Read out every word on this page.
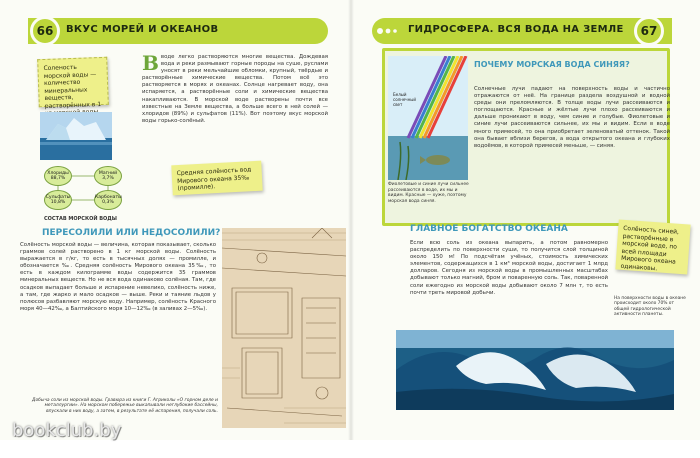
66	ВКУС МОРЕЙ И ОКЕАНОВ	ГИДРОСФЕРА. ВСЯ ВОДА НА ЗЕМЛЕ	67
Соленость морской воды — количество минеральных веществ, растворённых в 1 воды.
Вводе легко растворяются многие вещества. Дождевая вода и реки размывают горные породы на суше, руслами уносят в реки мельчайшие обломки, крупный, твёрдые и растворённые химические вещества. Потом всё это растворяется в морях и океанах. Солнце нагревает воду, она испаряется, а растворённые соли и химические вещества накапливаются. В морской воде растворены почти все известные на Земле вещества, а больше всего в ней солей — хлоридов (89%) и сульфатов (11%). Вот поэтому вкус морской воды горько-солёный.
Хлориды
88,7%
Магний
3,7%
Сульфаты
10,8%
Карбонаты
0,3%
СОСТАВ МОРСКОЙ ВОДЫ
Средняя солёность вод Мирового океана 35‰ (промилле).
ПЕРЕСОЛИЛИ ИЛИ НЕДОСОЛИЛИ?
Солёность морской воды — величина, которая показывает, сколько граммов солей растворено в 1 кг морской воды. Солёность выражается в г/кг, то есть в тысячных долях — промилле, и обозначается ‰. Средняя солёность Мирового океана 35‰, то есть в каждом килограмме воды содержится 35 граммов минеральных веществ. Но не вся вода одинаково солёная. Там, где осадков выпадает больше и испарение невелико, солёность ниже, а там, где жарко и мало осадков — выше. Реки и таяние льдов у полюсов разбавляют морскую воду. Например, солёность Красного моря 40—42‰, а Балтийского моря 10—12‰ (в заливах 2—5‰).
Добыча соли из морской воды. Гравюра из книги Г. Агриколы «О горном деле и металлургии». На морском побережье выкапывали неглубокие бассейны, впускали в них воду, а затем, в результате её испарения, получали соль.
Белый солнечный свет
Фиолетовые и синие лучи сильнее рассеиваются в воде, их мы и видим. Красные — хуже, поэтому морская вода синяя.
ПОЧЕМУ МОРСКАЯ ВОДА СИНЯЯ?
Солнечные лучи падают на поверхность воды и частично отражаются от неё. На границе раздела воздушной и водной среды они преломляются. В толще воды лучи рассеиваются и поглощаются. Красные и жёлтые лучи плохо рассеиваются и дальше проникают в воду, чем синие и голубые. Фиолетовые и синие лучи рассеиваются сильнее, их мы и видим. Если в воде много примесей, то она приобретает зеленоватый оттенок. Такой она бывает вблизи берегов, а вода открытого океана и глубоких водоёмов, в которой примесей меньше, — синяя.
ГЛАВНОЕ БОГАТСТВО ОКЕАНА
Если всю соль из океана выпарить, а потом равномерно распределить по поверхности суши, то получится слой толщиной около 150 м! По подсчётам учёных, стоимость химических элементов, содержащихся в 1 км³ морской воды, достигает 1 млрд долларов. Сегодня из морской воды в промышленных масштабах добывают только магний, бром и поваренную соль. Так, поваренной соли ежегодно из морской воды добывают около 7 млн т, то есть почти треть мировой добычи.
Солёность синей, растворённые в морской воде, по всей площади Мирового океана одинаковы.
На поверхности воды в океане происходит около 70% от общей гидрологической активности планеты.
bookclub.by
